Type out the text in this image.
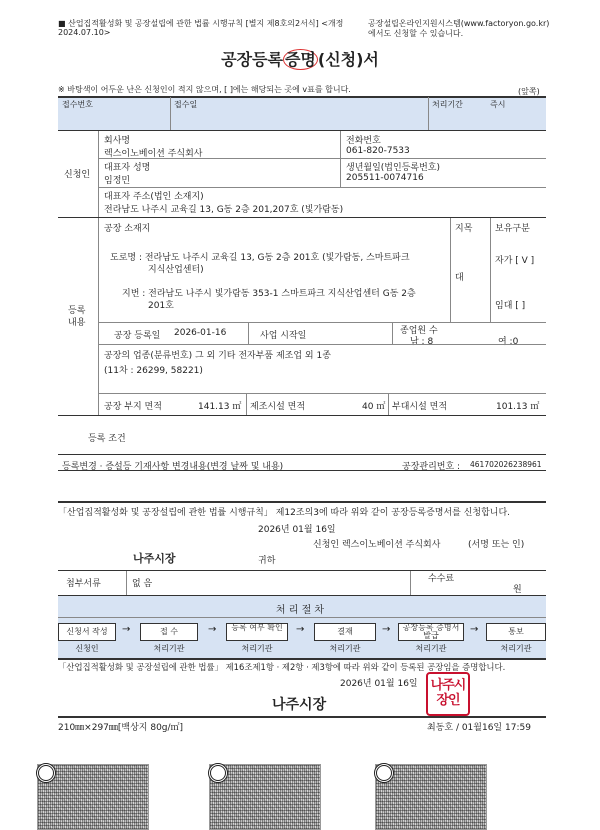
■ 산업집적활성화 및 공장설립에 관한 법률 시행규칙 [별지 제8호의2서식] <개정
2024.07.10>
공장설립온라인지원시스템(www.factoryon.go.kr)
에서도 신청할 수 있습니다.
공장등록 증명 (신청)서
※ 바탕색이 어두운 난은 신청인이 적지 않으며, [ ]에는 해당되는 곳에 v표를 합니다.	(앞쪽)
접수번호	접수일	처리기간	즉시
신청인
회사명
렉스이노베이션 주식회사
전화번호
061-820-7533
대표자 성명
임정민
생년월일(법인등록번호)
205511-0074716
대표자 주소(법인 소재지)
전라남도 나주시 교육길 13, G동 2층 201,207호 (빛가람동)
등록
내용
공장 소재지
도로명 : 전라남도 나주시 교육길 13, G동 2층 201호 (빛가람동, 스마트파크
지식산업센터)
지번 : 전라남도 나주시 빛가람동 353-1 스마트파크 지식산업센터 G동 2층
201호
지목
대
보유구분
자가 [ V ]
임대 [ ]
공장 등록일 2026-01-16	사업 시작일	종업원 수
남 : 8	여 :0
공장의 업종(분류번호) 그 외 기타 전자부품 제조업 외 1종
(11차 : 26299, 58221)
공장 부지 면적	141.13 ㎡ 제조시설 면적	40 ㎡ 부대시설 면적	101.13 ㎡
등록 조건
등록변경 · 증설등 기재사항 변경내용(변경 날짜 및 내용)	공장관리번호 : 461702026238961
「산업집적활성화 및 공장설립에 관한 법률 시행규칙」 제12조의3에 따라 위와 같이 공장등록증명서를 신청합니다.
2026년 01월 16일
신청인 렉스이노베이션 주식회사	(서명 또는 인)
나주시장	귀하
첨부서류	없 음	수수료
원
처 리 절 차
신청서 작성
신청인
→	접 수
처리기관
→	등록 여부 확인
처리기관
→	결재
처리기관
→	공장등록 증명서발급
처리기관
→	통보
처리기관
「산업집적활성화 및 공장설립에 관한 법률」 제16조제1항 · 제2항 · 제3항에 따라 위와 같이 등록된 공장임을 증명합니다.
2026년 01월 16일
나주시장
나주시장인
210㎜×297㎜[백상지 80g/㎡]	최동호 / 01월16일 17:59
